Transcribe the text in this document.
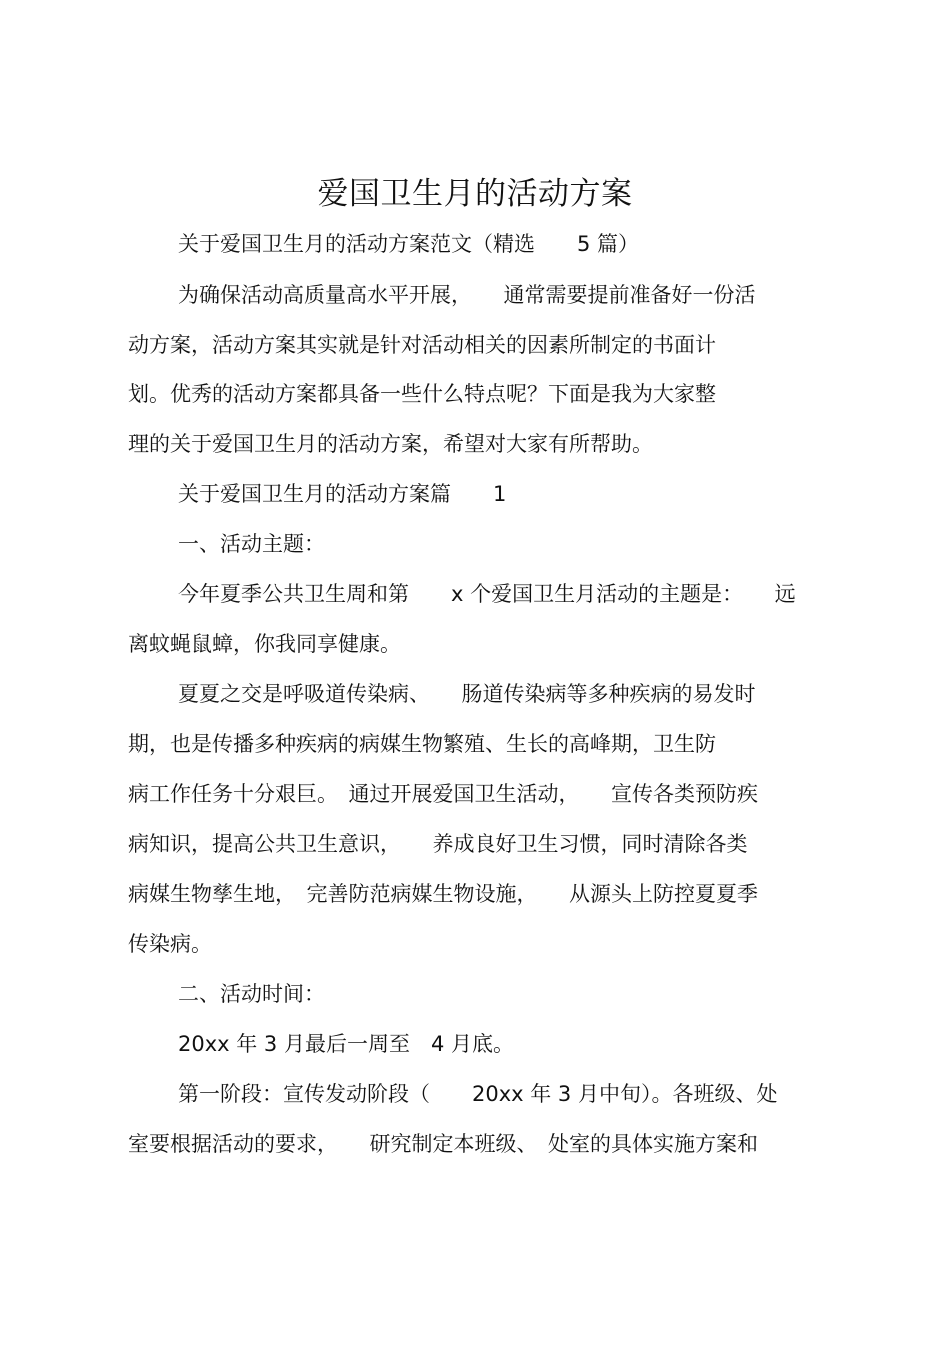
爱国卫生月的活动方案
关于爱国卫生月的活动方案范文（精选　　5 篇）
为确保活动高质量高水平开展，　　通常需要提前准备好一份活
动方案，活动方案其实就是针对活动相关的因素所制定的书面计
划。优秀的活动方案都具备一些什么特点呢？下面是我为大家整
理的关于爱国卫生月的活动方案，希望对大家有所帮助。
关于爱国卫生月的活动方案篇　　1
一、活动主题：
今年夏季公共卫生周和第　　x 个爱国卫生月活动的主题是：　　远
离蚊蝇鼠蟑，你我同享健康。
夏夏之交是呼吸道传染病、　　肠道传染病等多种疾病的易发时
期，也是传播多种疾病的病媒生物繁殖、生长的高峰期，卫生防
病工作任务十分艰巨。　通过开展爱国卫生活动，　　宣传各类预防疾
病知识，提高公共卫生意识，　　养成良好卫生习惯，同时清除各类
病媒生物孳生地，　完善防范病媒生物设施，　　从源头上防控夏夏季
传染病。
二、活动时间：
20xx 年 3 月最后一周至　4 月底。
第一阶段：宣传发动阶段（　　20xx 年 3 月中旬）。各班级、处
室要根据活动的要求，　　研究制定本班级、　处室的具体实施方案和
